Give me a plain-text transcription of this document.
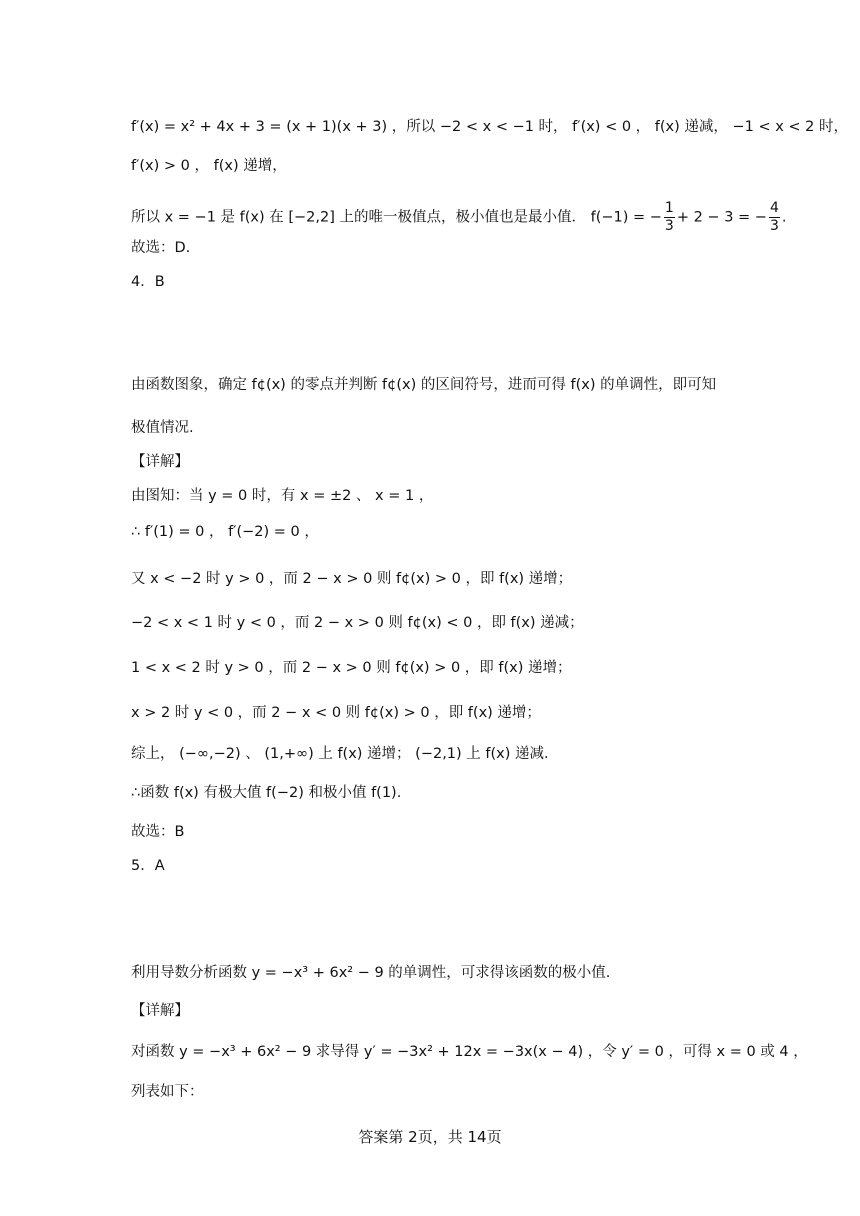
f′(x) = x² + 4x + 3 = (x + 1)(x + 3) ，所以 −2 < x < −1 时， f′(x) < 0 ， f(x) 递减， −1 < x < 2 时，
f′(x) > 0 ， f(x) 递增，
所以 x = −1 是 f(x) 在 [−2,2] 上的唯一极值点，极小值也是最小值． f(−1) = − $\frac{1}{3} + 2 - 3$ = − $\frac{4}{3}$ .
故选：D.
4．B
由函数图象，确定 f¢(x) 的零点并判断 f¢(x) 的区间符号，进而可得 f(x) 的单调性，即可知
极值情况.
【详解】
由图知：当 y = 0 时，有 x = ±2 、 x = 1 ，
∴ f′(1) = 0 ， f′(−2) = 0 ，
又 x < −2 时 y > 0 ，而 2 − x > 0 则 f¢(x) > 0 ，即 f(x) 递增；
−2 < x < 1 时 y < 0 ，而 2 − x > 0 则 f¢(x) < 0 ，即 f(x) 递减；
1 < x < 2 时 y > 0 ，而 2 − x > 0 则 f¢(x) > 0 ，即 f(x) 递增；
x > 2 时 y < 0 ，而 2 − x < 0 则 f¢(x) > 0 ，即 f(x) 递增；
综上， (−∞,−2) 、 (1,+∞) 上 f(x) 递增； (−2,1) 上 f(x) 递减.
∴函数 f(x) 有极大值 f(−2) 和极小值 f(1).
故选：B
5．A
利用导数分析函数 y = −x³ + 6x² − 9 的单调性，可求得该函数的极小值.
【详解】
对函数 y = −x³ + 6x² − 9 求导得 y′ = −3x² + 12x = −3x(x − 4) ，令 y′ = 0 ，可得 x = 0 或 4 ，
列表如下：
答案第 2页，共 14页
